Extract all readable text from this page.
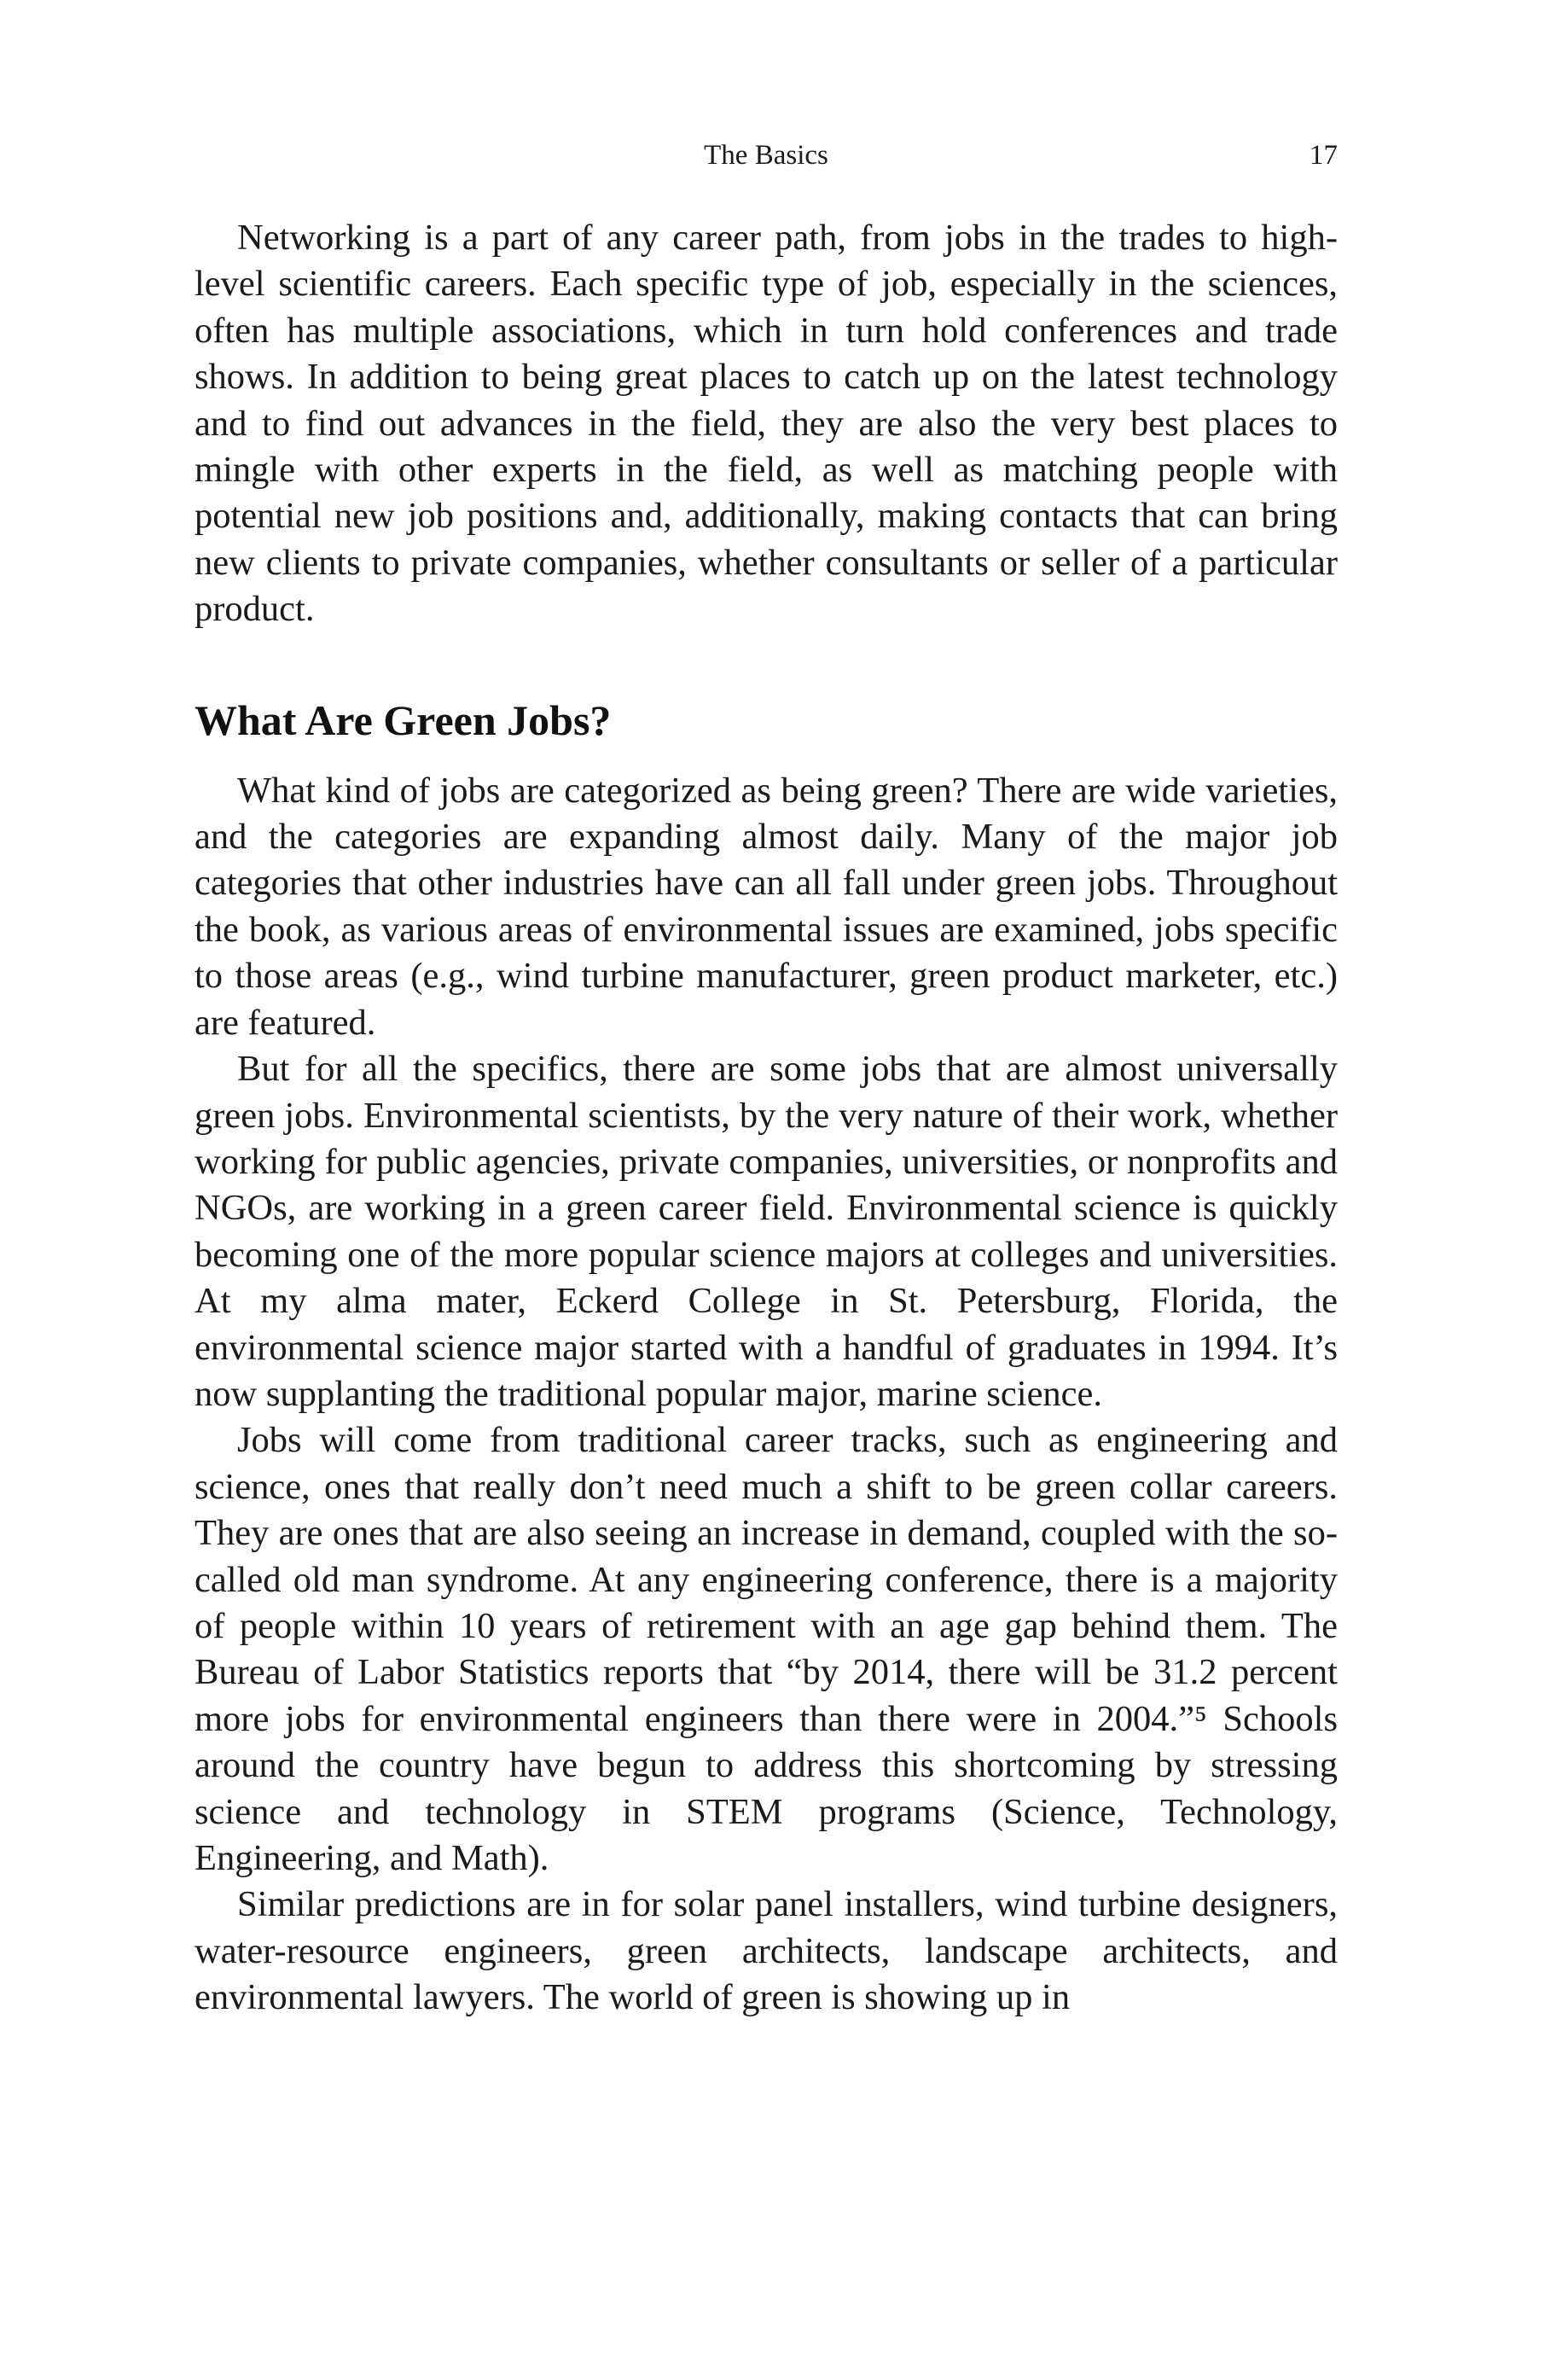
The Basics	17

Networking is a part of any career path, from jobs in the trades to high-level scientific careers. Each specific type of job, especially in the sciences, often has multiple associations, which in turn hold conferences and trade shows. In addition to being great places to catch up on the latest technology and to find out advances in the field, they are also the very best places to mingle with other experts in the field, as well as matching people with potential new job positions and, additionally, making contacts that can bring new clients to private companies, whether consultants or seller of a particular product.

What Are Green Jobs?

What kind of jobs are categorized as being green? There are wide varieties, and the categories are expanding almost daily. Many of the major job categories that other industries have can all fall under green jobs. Throughout the book, as various areas of environmental issues are examined, jobs specific to those areas (e.g., wind turbine manufacturer, green product marketer, etc.) are featured.

But for all the specifics, there are some jobs that are almost universally green jobs. Environmental scientists, by the very nature of their work, whether working for public agencies, private companies, universities, or nonprofits and NGOs, are working in a green career field. Environmental science is quickly becoming one of the more popular science majors at colleges and universities. At my alma mater, Eckerd College in St. Petersburg, Florida, the environmental science major started with a handful of graduates in 1994. It’s now supplanting the traditional popular major, marine science.

Jobs will come from traditional career tracks, such as engineering and science, ones that really don’t need much a shift to be green collar careers. They are ones that are also seeing an increase in demand, coupled with the so-called old man syndrome. At any engineering conference, there is a majority of people within 10 years of retirement with an age gap behind them. The Bureau of Labor Statistics reports that “by 2014, there will be 31.2 percent more jobs for environmental engineers than there were in 2004.”⁵ Schools around the country have begun to address this shortcoming by stressing science and technology in STEM programs (Science, Technology, Engineering, and Math).

Similar predictions are in for solar panel installers, wind turbine designers, water-resource engineers, green architects, landscape architects, and environmental lawyers. The world of green is showing up in
